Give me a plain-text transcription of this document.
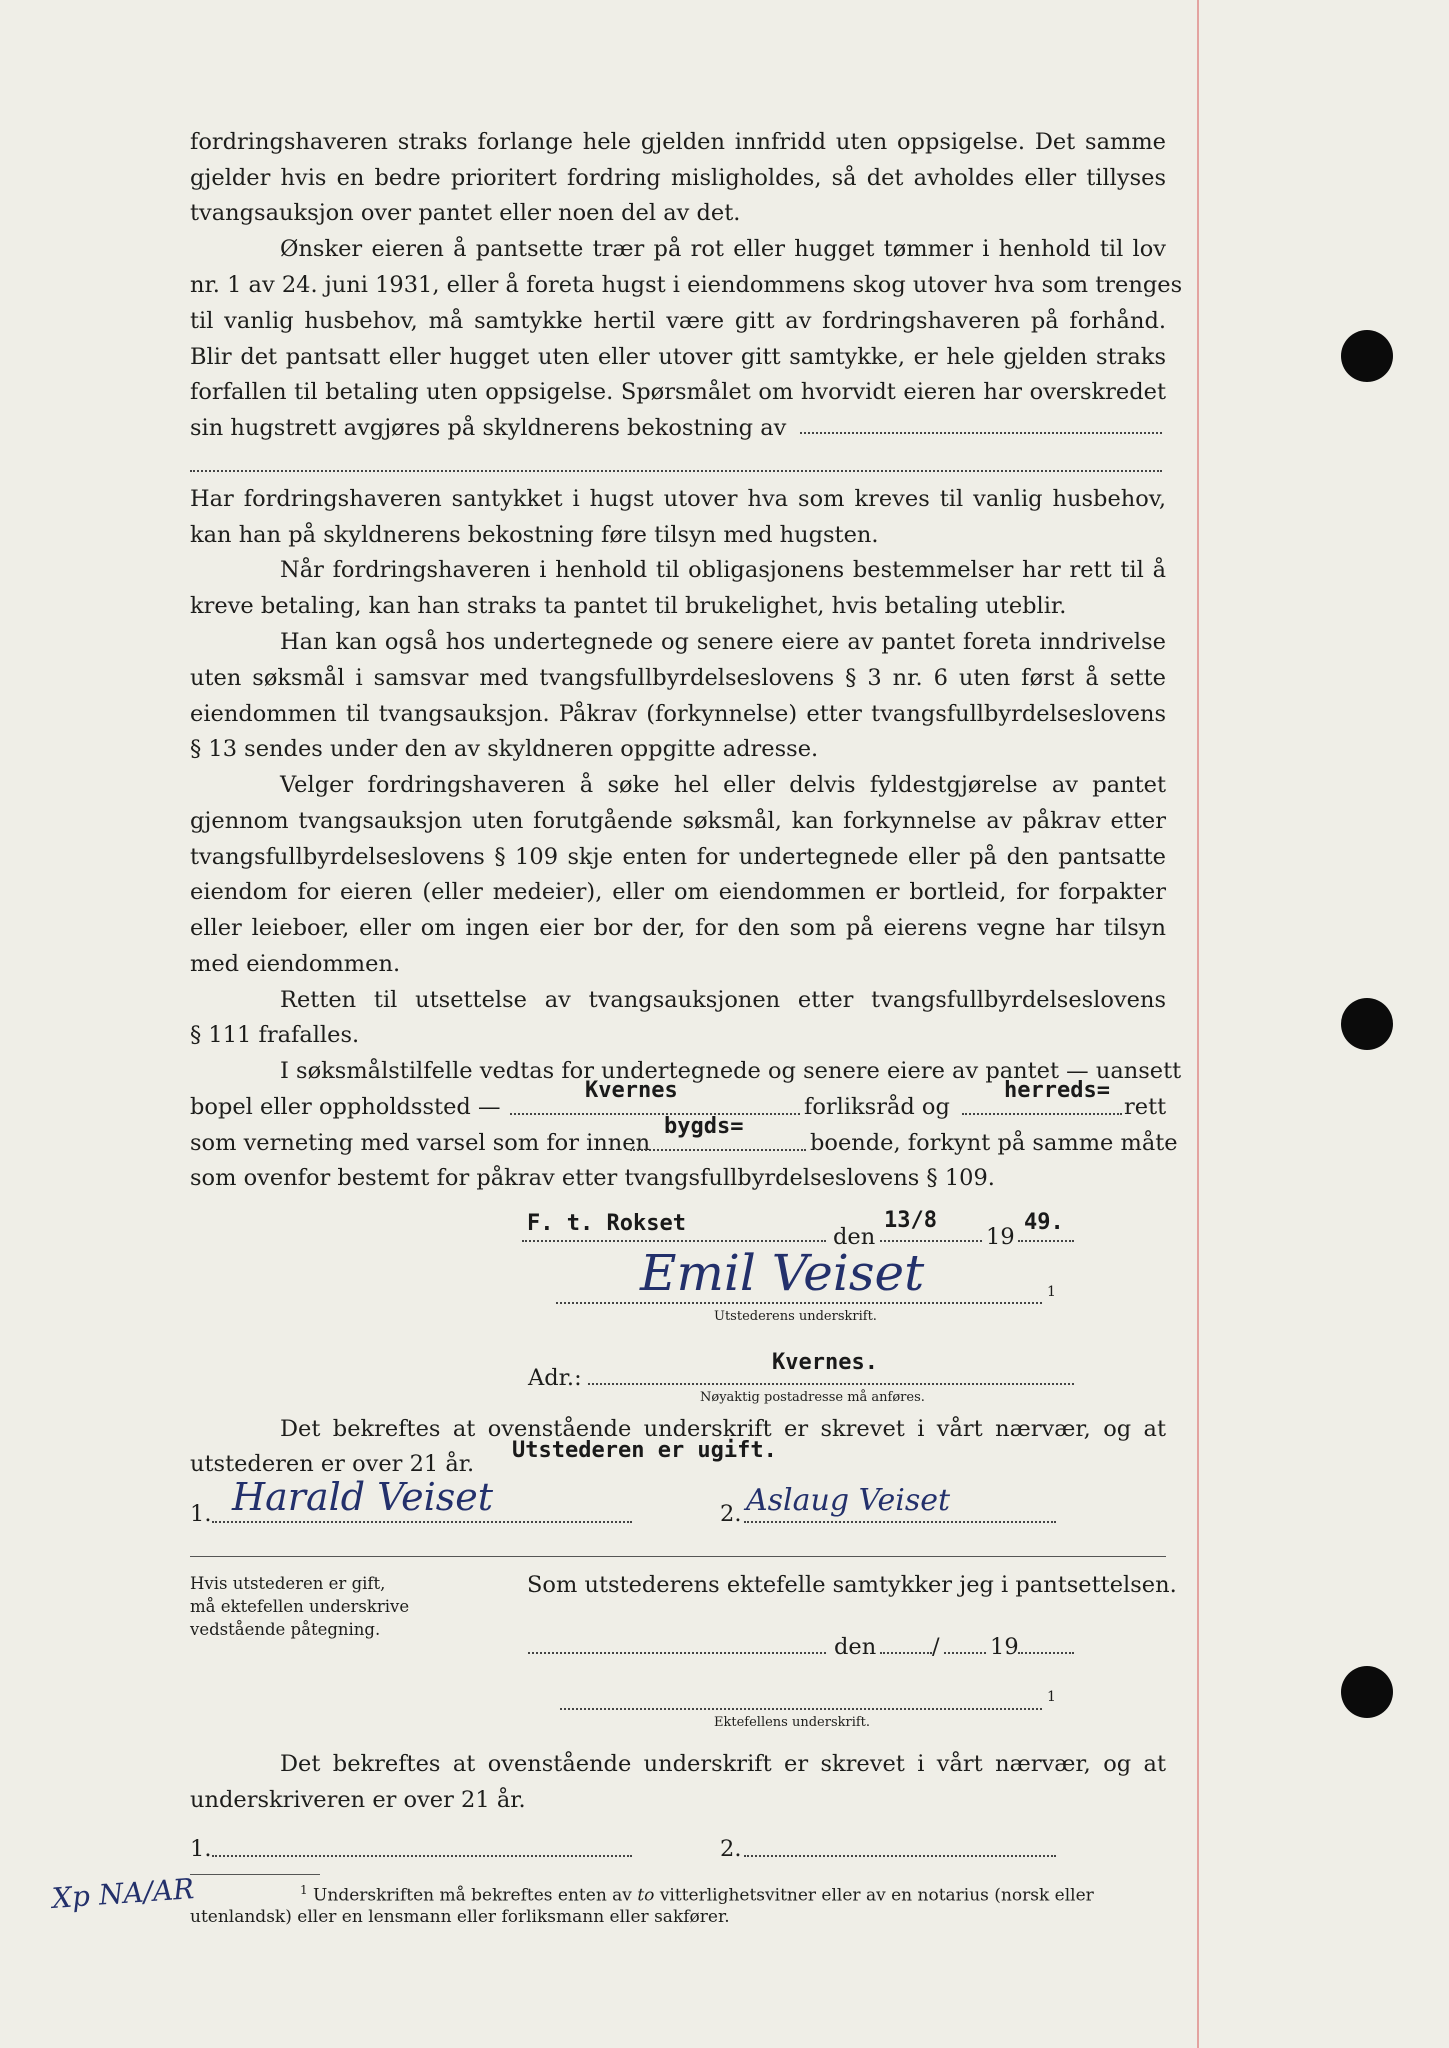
fordringshaveren straks forlange hele gjelden innfridd uten oppsigelse. Det samme
gjelder hvis en bedre prioritert fordring misligholdes, så det avholdes eller tillyses
tvangsauksjon over pantet eller noen del av det.
Ønsker eieren å pantsette trær på rot eller hugget tømmer i henhold til lov
nr. 1 av 24. juni 1931, eller å foreta hugst i eiendommens skog utover hva som trenges
til vanlig husbehov, må samtykke hertil være gitt av fordringshaveren på forhånd.
Blir det pantsatt eller hugget uten eller utover gitt samtykke, er hele gjelden straks
forfallen til betaling uten oppsigelse. Spørsmålet om hvorvidt eieren har overskredet
sin hugstrett avgjøres på skyldnerens bekostning av
Har fordringshaveren santykket i hugst utover hva som kreves til vanlig husbehov,
kan han på skyldnerens bekostning føre tilsyn med hugsten.
Når fordringshaveren i henhold til obligasjonens bestemmelser har rett til å
kreve betaling, kan han straks ta pantet til brukelighet, hvis betaling uteblir.
Han kan også hos undertegnede og senere eiere av pantet foreta inndrivelse
uten søksmål i samsvar med tvangsfullbyrdelseslovens § 3 nr. 6 uten først å sette
eiendommen til tvangsauksjon. Påkrav (forkynnelse) etter tvangsfullbyrdelseslovens
§ 13 sendes under den av skyldneren oppgitte adresse.
Velger fordringshaveren å søke hel eller delvis fyldestgjørelse av pantet
gjennom tvangsauksjon uten forutgående søksmål, kan forkynnelse av påkrav etter
tvangsfullbyrdelseslovens § 109 skje enten for undertegnede eller på den pantsatte
eiendom for eieren (eller medeier), eller om eiendommen er bortleid, for forpakter
eller leieboer, eller om ingen eier bor der, for den som på eierens vegne har tilsyn
med eiendommen.
Retten til utsettelse av tvangsauksjonen etter tvangsfullbyrdelseslovens
§ 111 frafalles.
I søksmålstilfelle vedtas for undertegnede og senere eiere av pantet — uansett
bopel eller oppholdssted —
Kvernes
forliksråd og
herreds=
rett
som verneting med varsel som for innen
bygds=
boende, forkynt på samme måte
som ovenfor bestemt for påkrav etter tvangsfullbyrdelseslovens § 109.
F. t. Rokset
den
13/8
19
49.
Emil Veiset	1
Utstederens underskrift.
Adr.:
Kvernes.
Nøyaktig postadresse må anføres.
Det bekreftes at ovenstående underskrift er skrevet i vårt nærvær, og at
utstederen er over 21 år.
Utstederen er ugift.
1. Harald Veiset	2. Aslaug Veiset
Hvis utstederen er gift,
må ektefellen underskrive
vedstående påtegning.
Som utstederens ektefelle samtykker jeg i pantsettelsen.
den / 19
1
Ektefellens underskrift.
Det bekreftes at ovenstående underskrift er skrevet i vårt nærvær, og at
underskriveren er over 21 år.
1.	2.
$^1$ Underskriften må bekreftes enten av to vitterlighetsvitner eller av en notarius (norsk eller
utenlandsk) eller en lensmann eller forliksmann eller sakfører.
Xp NA/AR
